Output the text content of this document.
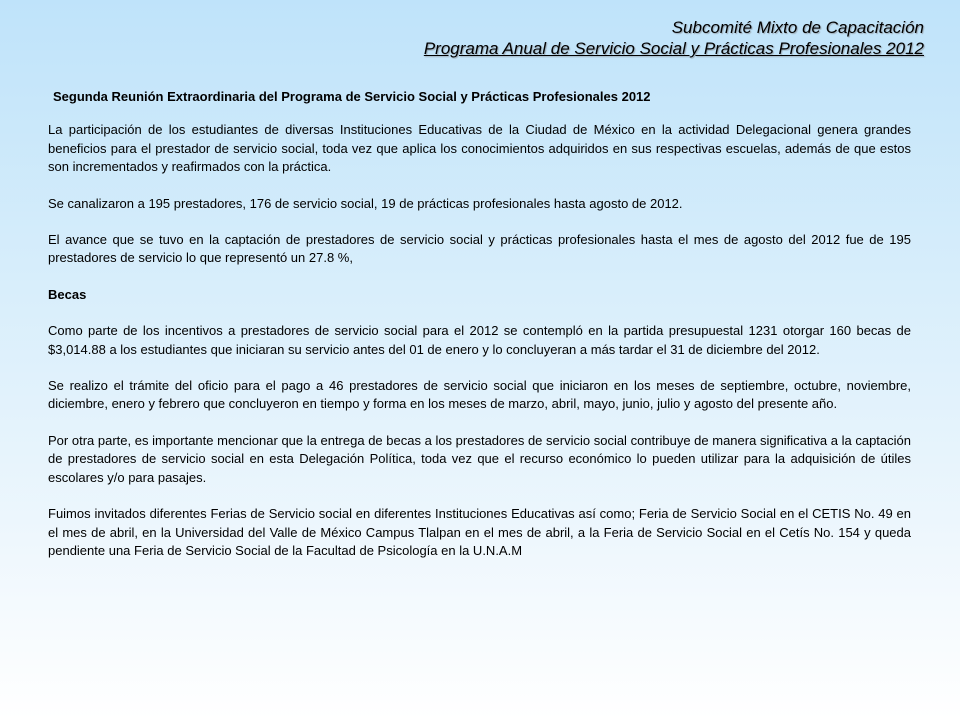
Subcomité Mixto de Capacitación
Programa Anual de Servicio Social y Prácticas Profesionales 2012
Segunda Reunión Extraordinaria del Programa de Servicio Social y Prácticas Profesionales 2012

La participación de los estudiantes de diversas Instituciones Educativas de la Ciudad de México en la actividad Delegacional genera grandes beneficios para el prestador de servicio social, toda vez que aplica los conocimientos adquiridos en sus respectivas escuelas, además de que estos son incrementados y reafirmados con la práctica.

Se canalizaron a 195 prestadores, 176 de servicio social, 19 de prácticas profesionales hasta agosto de 2012.

El avance que se tuvo en la captación de prestadores de servicio social y prácticas profesionales hasta el mes de agosto del 2012 fue de 195 prestadores de servicio lo que representó un 27.8 %,

Becas

Como parte de los incentivos a prestadores de servicio social para el 2012 se contempló en la partida presupuestal 1231 otorgar 160 becas de $3,014.88 a los estudiantes que iniciaran su servicio antes del 01 de enero y lo concluyeran a más tardar el 31 de diciembre del 2012.

Se realizo el trámite del oficio para el pago a 46 prestadores de servicio social que iniciaron en los meses de septiembre, octubre, noviembre, diciembre, enero y febrero que concluyeron en tiempo y forma en los meses de marzo, abril, mayo, junio, julio y agosto del presente año.

Por otra parte, es importante mencionar que la entrega de becas a los prestadores de servicio social contribuye de manera significativa a la captación de prestadores de servicio social en esta Delegación Política, toda vez que el recurso económico lo pueden utilizar para la adquisición de útiles escolares y/o para pasajes.

Fuimos invitados diferentes Ferias de Servicio social en diferentes Instituciones Educativas así como; Feria de Servicio Social en el CETIS No. 49 en el mes de abril, en la Universidad del Valle de México Campus Tlalpan en el mes de abril, a la Feria de Servicio Social en el Cetís No. 154 y queda pendiente una Feria de Servicio Social de la Facultad de Psicología en la U.N.A.M
